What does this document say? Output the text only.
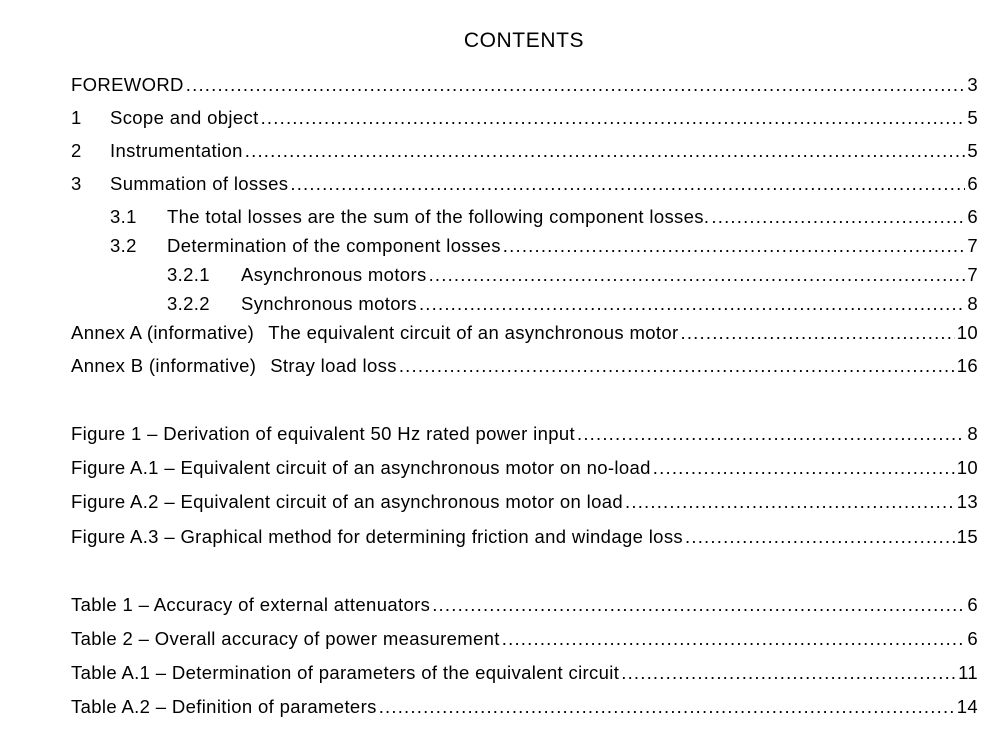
CONTENTS
FOREWORD .....	3
1	Scope and object .....	5
2	Instrumentation .....	5
3	Summation of losses .....	6
3.1	The total losses are the sum of the following component losses. .....	6
3.2	Determination of the component losses .....	7
3.2.1	Asynchronous motors .....	7
3.2.2	Synchronous motors .....	8
Annex A (informative) The equivalent circuit of an asynchronous motor .....	10
Annex B (informative) Stray load loss .....	16
Figure 1 – Derivation of equivalent 50 Hz rated power input .....	8
Figure A.1 – Equivalent circuit of an asynchronous motor on no-load .....	10
Figure A.2 – Equivalent circuit of an asynchronous motor on load .....	13
Figure A.3 – Graphical method for determining friction and windage loss .....	15
Table 1 – Accuracy of external attenuators .....	6
Table 2 – Overall accuracy of power measurement .....	6
Table A.1 – Determination of parameters of the equivalent circuit .....	11
Table A.2 – Definition of parameters .....	14
